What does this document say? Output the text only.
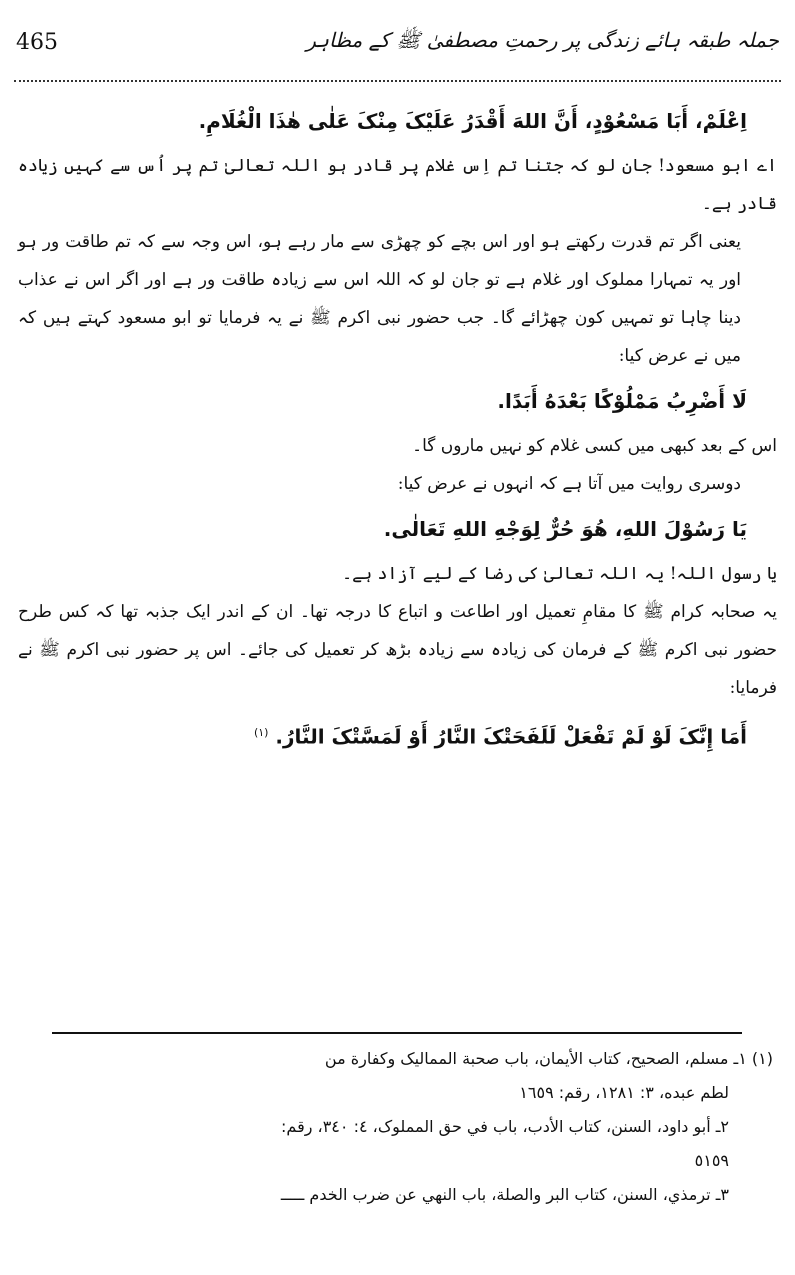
465	جملہ طبقہ ہائے زندگی پر رحمتِ مصطفیٰ ﷺ کے مظاہر

اِعْلَمْ، أَبَا مَسْعُوْدٍ، أَنَّ اللهَ أَقْدَرُ عَلَيْکَ مِنْکَ عَلٰی هٰذَا الْغُلَامِ.

اے ابو مسعود! جان لو کہ جتنا تم اِس غلام پر قادر ہو اللہ تعالیٰ تم پر اُس سے کہیں زیادہ قادر ہے۔

یعنی اگر تم قدرت رکھتے ہو اور اس بچے کو چھڑی سے مار رہے ہو، اس وجہ سے کہ تم طاقت ور ہو اور یہ تمہارا مملوک اور غلام ہے تو جان لو کہ اللہ اس سے زیادہ طاقت ور ہے اور اگر اس نے عذاب دینا چاہا تو تمہیں کون چھڑائے گا۔ جب حضور نبی اکرم ﷺ نے یہ فرمایا تو ابو مسعود کہتے ہیں کہ میں نے عرض کیا:

لَا أَضْرِبُ مَمْلُوْكًا بَعْدَهُ أَبَدًا.

اس کے بعد کبھی میں کسی غلام کو نہیں ماروں گا۔

دوسری روایت میں آتا ہے کہ انہوں نے عرض کیا:

يَا رَسُوْلَ اللهِ، هُوَ حُرٌّ لِوَجْهِ اللهِ تَعَالٰی.

یا رسول اللہ! یہ اللہ تعالیٰ کی رضا کے لیے آزاد ہے۔

یہ صحابہ کرام ﷺ کا مقامِ تعمیل اور اطاعت و اتباع کا درجہ تھا۔ ان کے اندر ایک جذبہ تھا کہ کس طرح حضور نبی اکرم ﷺ کے فرمان کی زیادہ سے زیادہ بڑھ کر تعمیل کی جائے۔ اس پر حضور نبی اکرم ﷺ نے فرمایا:

أَمَا إِنَّکَ لَوْ لَمْ تَفْعَلْ لَلَفَحَتْکَ النَّارُ أَوْ لَمَسَّتْکَ النَّارُ. $^{(١)}$

(١) ١ـ مسلم، الصحيح، کتاب الأيمان، باب صحبة المماليک وکفارة من

لطم عبده، ٣: ١٢٨١، رقم: ١٦٥٩

٢ـ أبو داود، السنن، کتاب الأدب، باب في حق المملوک، ٤: ٣٤٠، رقم:

٥١٥٩

٣ـ ترمذي، السنن، کتاب البر والصلة، باب النهي عن ضرب الخدم ـــــ
